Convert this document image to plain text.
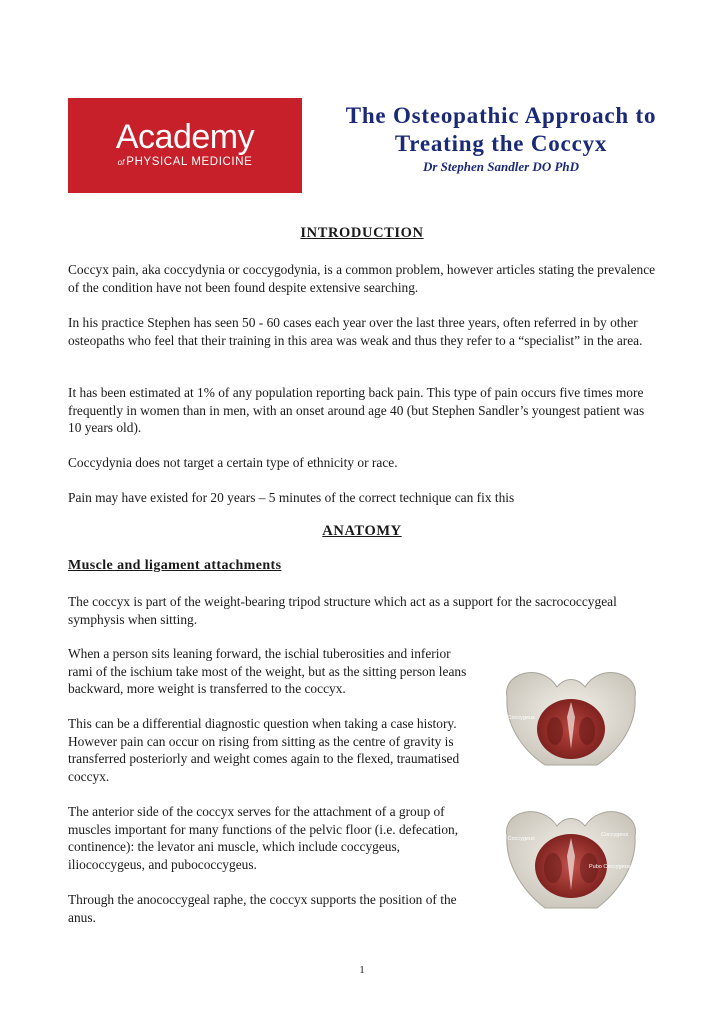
Academy
of PHYSICAL MEDICINE
The Osteopathic Approach to
Treating the Coccyx
Dr Stephen Sandler DO PhD
INTRODUCTION

Coccyx pain, aka coccydynia or coccygodynia, is a common problem, however articles stating the prevalence of the condition have not been found despite extensive searching.

In his practice Stephen has seen 50 - 60 cases each year over the last three years, often referred in by other osteopaths who feel that their training in this area was weak and thus they refer to a “specialist” in the area.

It has been estimated at 1% of any population reporting back pain. This type of pain occurs five times more frequently in women than in men, with an onset around age 40 (but Stephen Sandler’s youngest patient was 10 years old).

Coccydynia does not target a certain type of ethnicity or race.

Pain may have existed for 20 years – 5 minutes of the correct technique can fix this

ANATOMY
Muscle and ligament attachments

The coccyx is part of the weight-bearing tripod structure which act as a support for the sacrococcygeal symphysis when sitting.

When a person sits leaning forward, the ischial tuberosities and inferior rami of the ischium take most of the weight, but as the sitting person leans backward, more weight is transferred to the coccyx.

This can be a differential diagnostic question when taking a case history. However pain can occur on rising from sitting as the centre of gravity is transferred posteriorly and weight comes again to the flexed, traumatised coccyx.

The anterior side of the coccyx serves for the attachment of a group of muscles important for many functions of the pelvic floor (i.e. defecation, continence): the levator ani muscle, which include coccygeus, iliococcygeus, and pubococcygeus.

Through the anococcygeal raphe, the coccyx supports the position of the anus.

Ilio Coccygeus
Coccygeus
Ilio Coccygeus
Pubo Coccygeus
1
